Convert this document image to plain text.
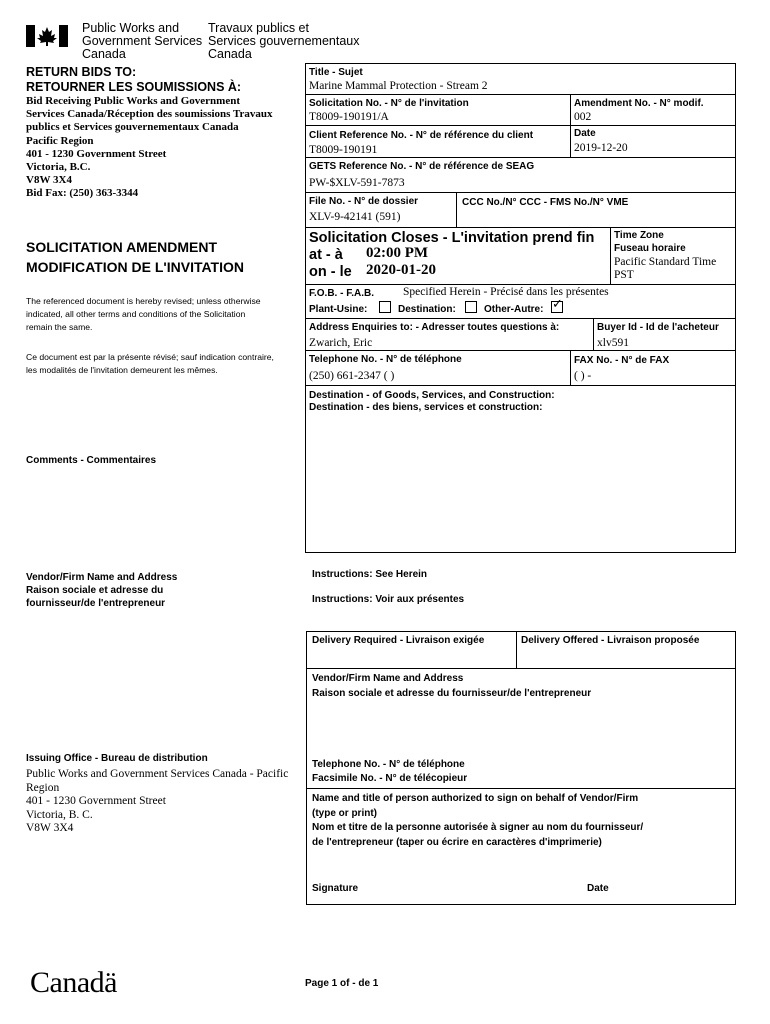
Public Works and
Government Services
Canada
Travaux publics et
Services gouvernementaux
Canada
RETURN BIDS TO:
RETOURNER LES SOUMISSIONS À:
Bid Receiving Public Works and Government
Services Canada/Réception des soumissions Travaux
publics et Services gouvernementaux Canada
Pacific Region
401 - 1230 Government Street
Victoria, B.C.
V8W 3X4
Bid Fax: (250) 363-3344
SOLICITATION AMENDMENT
MODIFICATION DE L'INVITATION
The referenced document is hereby revised; unless otherwise
indicated, all other terms and conditions of the Solicitation
remain the same.
Ce document est par la présente révisé; sauf indication contraire,
les modalités de l'invitation demeurent les mêmes.
Comments - Commentaires
Vendor/Firm Name and Address
Raison sociale et adresse du
fournisseur/de l'entrepreneur
Issuing Office - Bureau de distribution
Public Works and Government Services Canada - Pacific
Region
401 - 1230 Government Street
Victoria, B. C.
V8W 3X4
Title - Sujet
Marine Mammal Protection - Stream 2
Solicitation No. - N° de l'invitation
T8009-190191/A
Amendment No. - N° modif.
002
Client Reference No. - N° de référence du client
T8009-190191
Date
2019-12-20
GETS Reference No. - N° de référence de SEAG
PW-$XLV-591-7873
File No. - N° de dossier
XLV-9-42141 (591)
CCC No./N° CCC - FMS No./N° VME
Solicitation Closes - L'invitation prend fin
at - à 02:00 PM
on - le 2020-01-20
Time Zone
Fuseau horaire
Pacific Standard Time
PST
F.O.B. - F.A.B.	Specified Herein - Précisé dans les présentes
Plant-Usine:	Destination:	Other-Autre: ✓
Address Enquiries to: - Adresser toutes questions à:
Zwarich, Eric
Buyer Id - Id de l'acheteur
xlv591
Telephone No. - N° de téléphone
(250) 661-2347 ( )
FAX No. - N° de FAX
( ) -
Destination - of Goods, Services, and Construction:
Destination - des biens, services et construction:
Instructions: See Herein
Instructions: Voir aux présentes
Delivery Required - Livraison exigée	Delivery Offered - Livraison proposée
Vendor/Firm Name and Address
Raison sociale et adresse du fournisseur/de l'entrepreneur
Telephone No. - N° de téléphone
Facsimile No. - N° de télécopieur
Name and title of person authorized to sign on behalf of Vendor/Firm
(type or print)
Nom et titre de la personne autorisée à signer au nom du fournisseur/
de l'entrepreneur (taper ou écrire en caractères d'imprimerie)
Signature	Date
Canadä	Page 1 of - de 1
